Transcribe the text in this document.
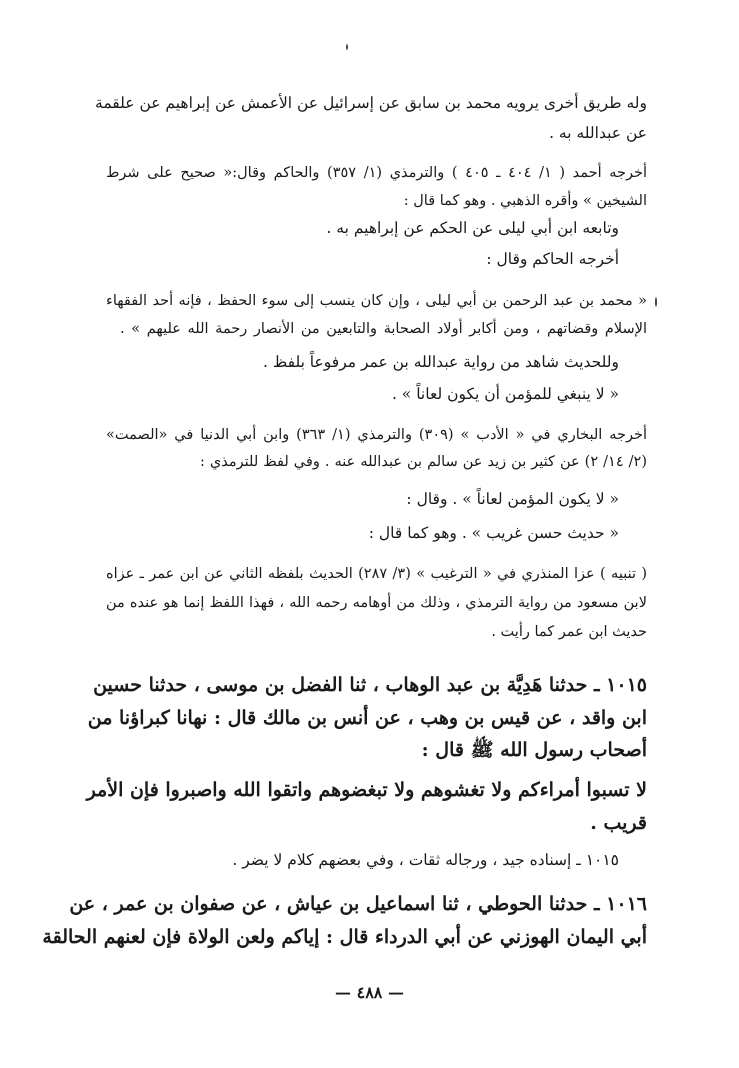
وله طريق أخرى يرويه محمد بن سابق عن إسرائيل عن الأعمش عن إبراهيم عن علقمة
عن عبدالله به .
أخرجه أحمد ( ١/ ٤٠٤ ـ ٤٠٥ ) والترمذي (١/ ٣٥٧) والحاكم وقال:« صحيح على شرط
الشيخين » وأقره الذهبي . وهو كما قال :
وتابعه ابن أبي ليلى عن الحكم عن إبراهيم به .
أخرجه الحاكم وقال :
« محمد بن عبد الرحمن بن أبي ليلى ، وإن كان ينسب إلى سوء الحفظ ، فإنه أحد الفقهاء
الإسلام وقضاتهم ، ومن أكابر أولاد الصحابة والتابعين من الأنصار رحمة الله عليهم » .
وللحديث شاهد من رواية عبدالله بن عمر مرفوعاً بلفظ .
« لا ينبغي للمؤمن أن يكون لعاناً » .
أخرجه البخاري في « الأدب » (٣٠٩) والترمذي (١/ ٣٦٣) وابن أبي الدنيا في «الصمت»
(٢/ ١٤/ ٢) عن كثير بن زيد عن سالم بن عبدالله عنه . وفي لفظ للترمذي :
« لا يكون المؤمن لعاناً » . وقال :
« حديث حسن غريب » . وهو كما قال :
( تنبيه ) عزا المنذري في « الترغيب » (٣/ ٢٨٧) الحديث بلفظه الثاني عن ابن عمر ـ عزاه
لابن مسعود من رواية الترمذي ، وذلك من أوهامه رحمه الله ، فهذا اللفظ إنما هو عنده من
حديث ابن عمر كما رأيت .
١٠١٥ ـ حدثنا هَدِيَّة بن عبد الوهاب ، ثنا الفضل بن موسى ، حدثنا حسين
ابن واقد ، عن قيس بن وهب ، عن أنس بن مالك قال : نهانا كبراؤنا من
أصحاب رسول الله ﷺ قال :
لا تسبوا أمراءكم ولا تغشوهم ولا تبغضوهم واتقوا الله واصبروا فإن الأمر
قريب .
١٠١٥ ـ إسناده جيد ، ورجاله ثقات ، وفي بعضهم كلام لا يضر .
١٠١٦ ـ حدثنا الحوطي ، ثنا اسماعيل بن عياش ، عن صفوان بن عمر ، عن
أبي اليمان الهوزني عن أبي الدرداء قال : إياكم ولعن الولاة فإن لعنهم الحالقة
— ٤٨٨ —
